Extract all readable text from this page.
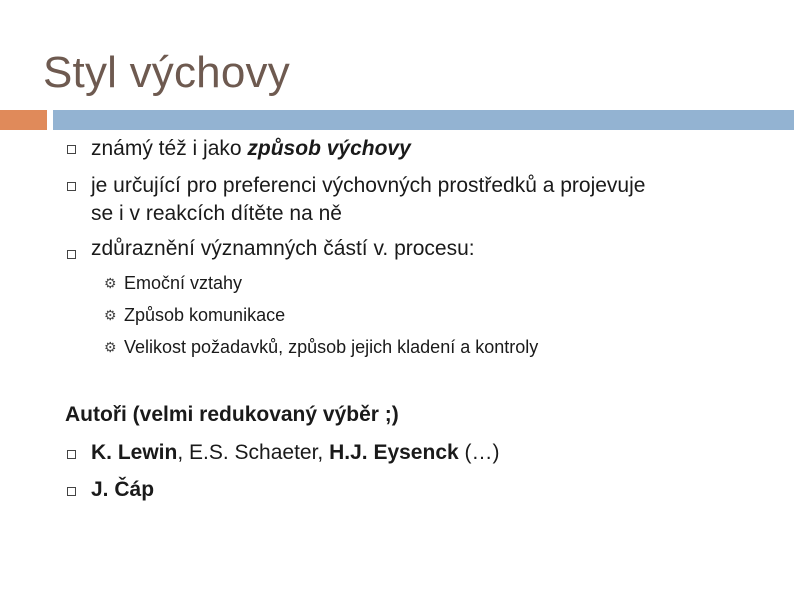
Styl výchovy
známý též i jako způsob výchovy
je určující pro preferenci výchovných prostředků a projevuje
se i v reakcích dítěte na ně
zdůraznění významných částí v. procesu:
⚙ Emoční vztahy
⚙ Způsob komunikace
⚙ Velikost požadavků, způsob jejich kladení a kontroly
Autoři (velmi redukovaný výběr ;)
K. Lewin, E.S. Schaeter, H.J. Eysenck (…)
J. Čáp
